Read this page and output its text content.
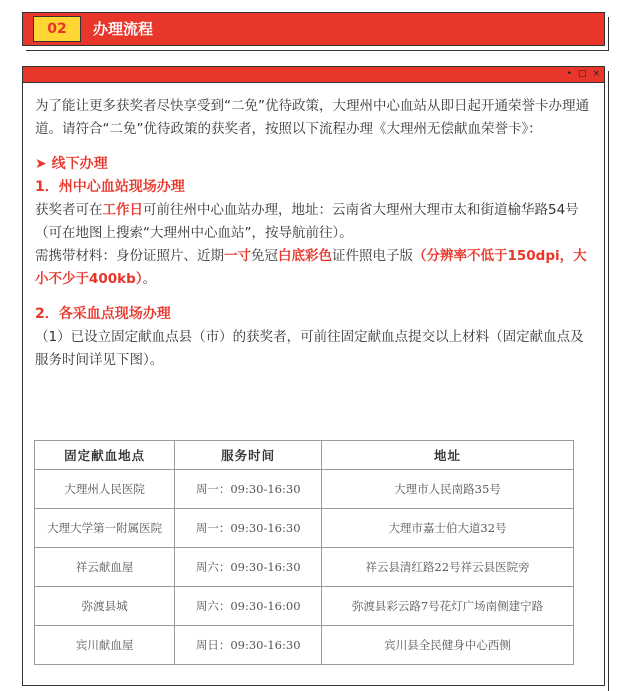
02	办理流程
• □ ×

为了能让更多获奖者尽快享受到“二免”优待政策，大理州中心血站从即日起开通荣誉卡办理通道。请符合“二免”优待政策的获奖者，按照以下流程办理《大理州无偿献血荣誉卡》：

➤ 线下办理

1．州中心血站现场办理

获奖者可在工作日可前往州中心血站办理，地址：云南省大理州大理市太和街道榆华路54号（可在地图上搜索“大理州中心血站”，按导航前往）。

需携带材料：身份证照片、近期一寸免冠白底彩色证件照电子版（分辨率不低于150dpi，大小不少于400kb）。

2．各采血点现场办理

（1）已设立固定献血点县（市）的获奖者，可前往固定献血点提交以上材料（固定献血点及服务时间详见下图）。

固定献血地点	服务时间	地址
大理州人民医院	周一：09:30-16:30	大理市人民南路35号
大理大学第一附属医院	周一：09:30-16:30	大理市嘉士伯大道32号
祥云献血屋	周六：09:30-16:30	祥云县清红路22号祥云县医院旁
弥渡县城	周六：09:30-16:00	弥渡县彩云路7号花灯广场南侧建宁路
宾川献血屋	周日：09:30-16:30	宾川县全民健身中心西侧
